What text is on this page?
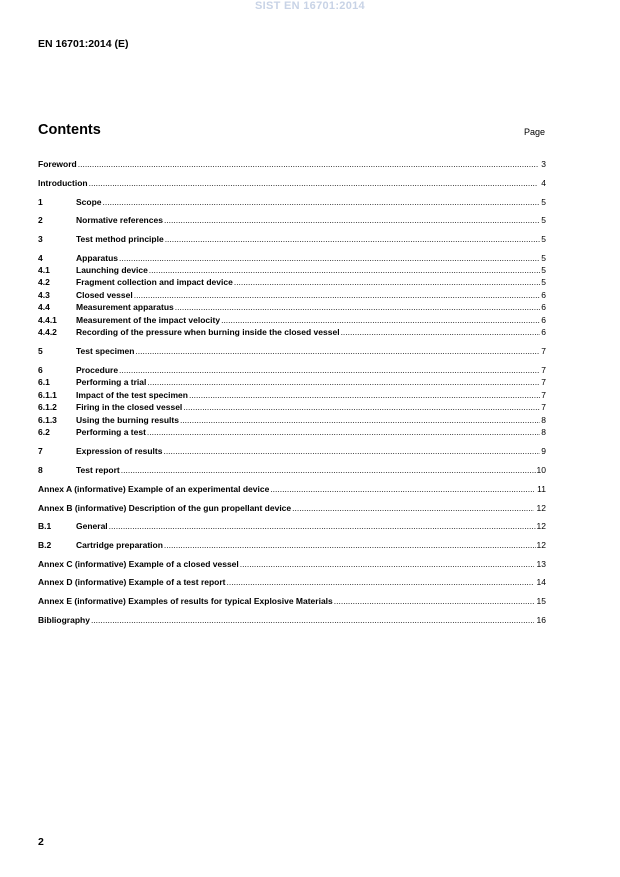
SIST EN 16701:2014
EN 16701:2014 (E)
Contents	Page
Foreword .....	3
Introduction .....	4
1	Scope .....	5
2	Normative references .....	5
3	Test method principle .....	5
4	Apparatus .....	5
4.1	Launching device .....	5
4.2	Fragment collection and impact device .....	5
4.3	Closed vessel .....	6
4.4	Measurement apparatus .....	6
4.4.1	Measurement of the impact velocity .....	6
4.4.2	Recording of the pressure when burning inside the closed vessel .....	6
5	Test specimen .....	7
6	Procedure .....	7
6.1	Performing a trial .....	7
6.1.1	Impact of the test specimen .....	7
6.1.2	Firing in the closed vessel .....	7
6.1.3	Using the burning results .....	8
6.2	Performing a test .....	8
7	Expression of results .....	9
8	Test report .....	10
Annex A (informative) Example of an experimental device .....	11
Annex B (informative) Description of the gun propellant device .....	12
B.1	General .....	12
B.2	Cartridge preparation .....	12
Annex C (informative) Example of a closed vessel .....	13
Annex D (informative) Example of a test report .....	14
Annex E (informative) Examples of results for typical Explosive Materials .....	15
Bibliography .....	16
2
